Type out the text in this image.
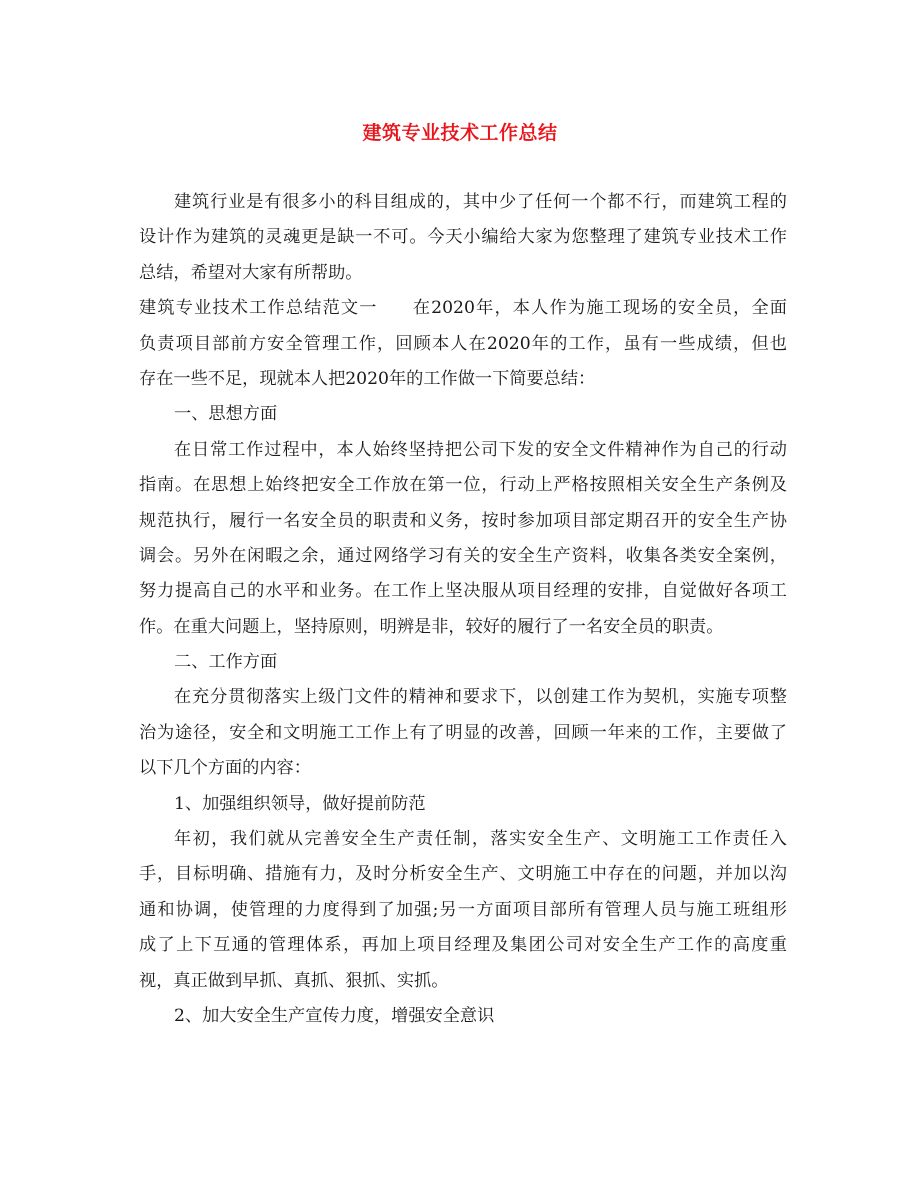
建筑专业技术工作总结
建筑行业是有很多小的科目组成的，其中少了任何一个都不行，而建筑工程的
设计作为建筑的灵魂更是缺一不可。今天小编给大家为您整理了建筑专业技术工作
总结，希望对大家有所帮助。
建筑专业技术工作总结范文一 在2020年，本人作为施工现场的安全员，全面
负责项目部前方安全管理工作，回顾本人在2020年的工作，虽有一些成绩，但也
存在一些不足，现就本人把2020年的工作做一下简要总结：
一、思想方面
在日常工作过程中，本人始终坚持把公司下发的安全文件精神作为自己的行动
指南。在思想上始终把安全工作放在第一位，行动上严格按照相关安全生产条例及
规范执行，履行一名安全员的职责和义务，按时参加项目部定期召开的安全生产协
调会。另外在闲暇之余，通过网络学习有关的安全生产资料，收集各类安全案例，
努力提高自己的水平和业务。在工作上坚决服从项目经理的安排，自觉做好各项工
作。在重大问题上，坚持原则，明辨是非，较好的履行了一名安全员的职责。
二、工作方面
在充分贯彻落实上级门文件的精神和要求下，以创建工作为契机，实施专项整
治为途径，安全和文明施工工作上有了明显的改善，回顾一年来的工作，主要做了
以下几个方面的内容：
1、加强组织领导，做好提前防范
年初，我们就从完善安全生产责任制，落实安全生产、文明施工工作责任入
手，目标明确、措施有力，及时分析安全生产、文明施工中存在的问题，并加以沟
通和协调，使管理的力度得到了加强;另一方面项目部所有管理人员与施工班组形
成了上下互通的管理体系，再加上项目经理及集团公司对安全生产工作的高度重
视，真正做到早抓、真抓、狠抓、实抓。
2、加大安全生产宣传力度，增强安全意识
